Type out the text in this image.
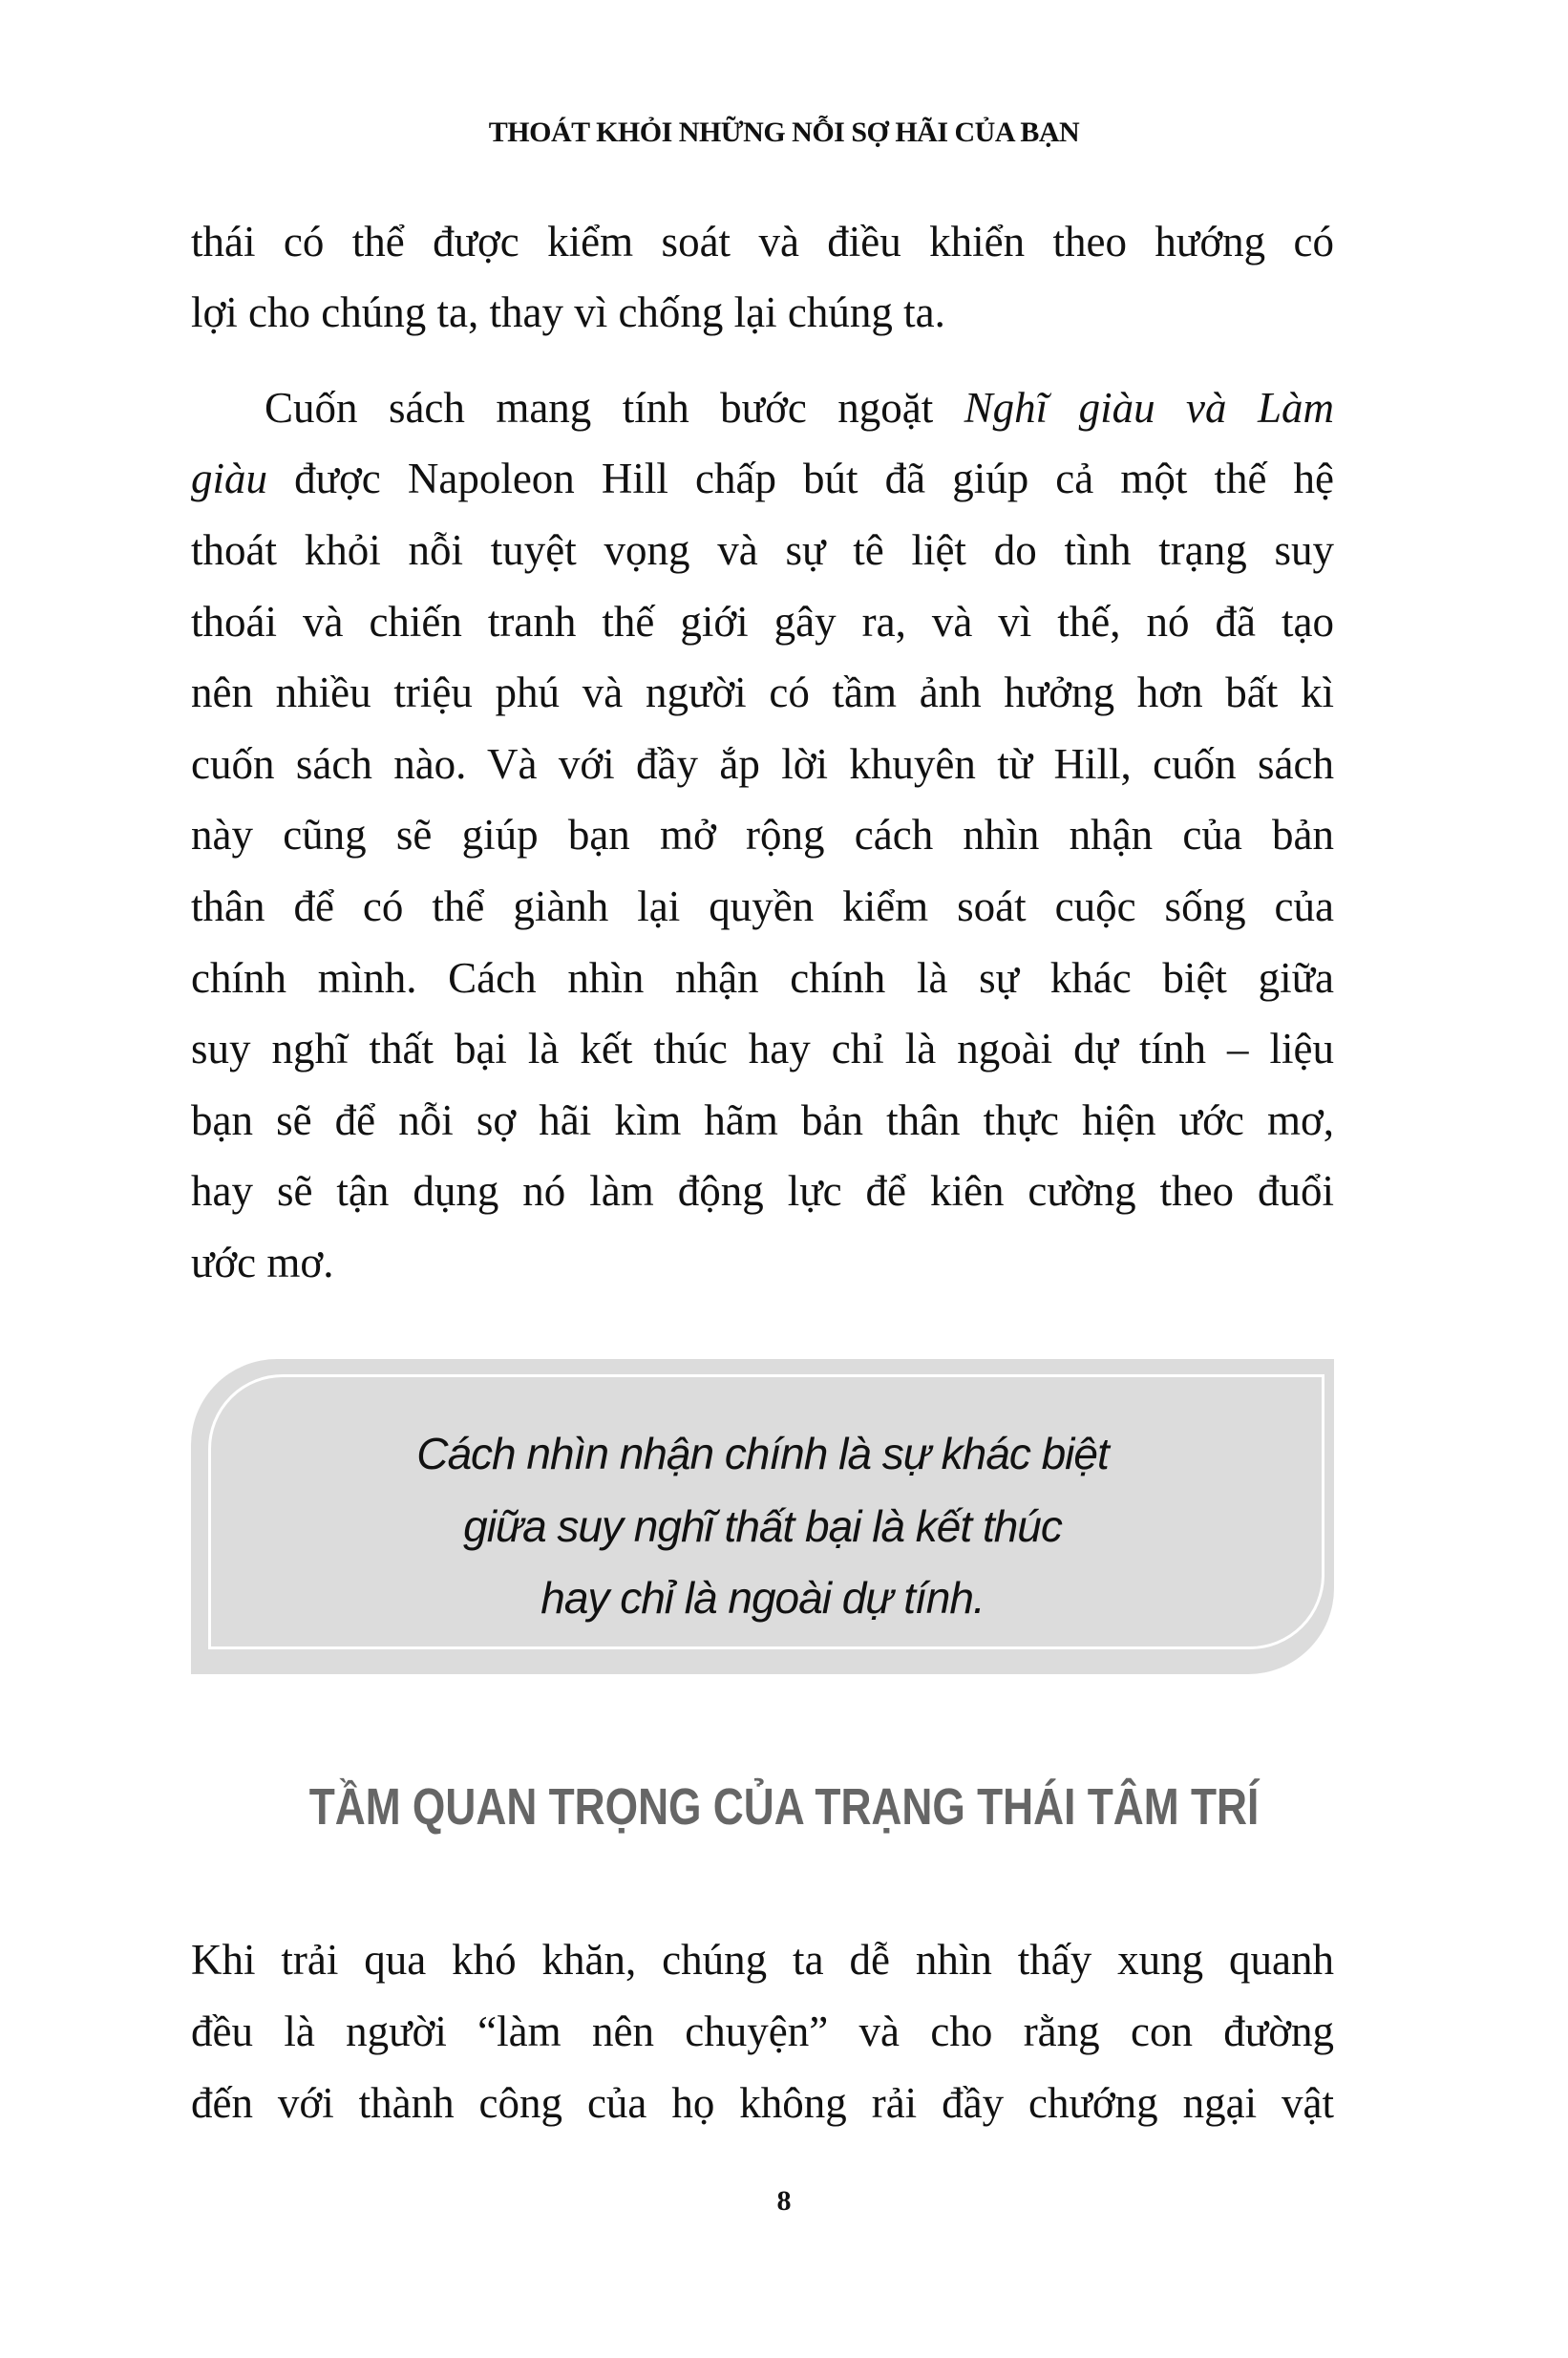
THOÁT KHỎI NHỮNG NỖI SỢ HÃI CỦA BẠN
thái có thể được kiểm soát và điều khiển theo hướng có
lợi cho chúng ta, thay vì chống lại chúng ta.
Cuốn sách mang tính bước ngoặt Nghĩ giàu và Làm
giàu được Napoleon Hill chấp bút đã giúp cả một thế hệ
thoát khỏi nỗi tuyệt vọng và sự tê liệt do tình trạng suy
thoái và chiến tranh thế giới gây ra, và vì thế, nó đã tạo
nên nhiều triệu phú và người có tầm ảnh hưởng hơn bất kì
cuốn sách nào. Và với đầy ắp lời khuyên từ Hill, cuốn sách
này cũng sẽ giúp bạn mở rộng cách nhìn nhận của bản
thân để có thể giành lại quyền kiểm soát cuộc sống của
chính mình. Cách nhìn nhận chính là sự khác biệt giữa
suy nghĩ thất bại là kết thúc hay chỉ là ngoài dự tính – liệu
bạn sẽ để nỗi sợ hãi kìm hãm bản thân thực hiện ước mơ,
hay sẽ tận dụng nó làm động lực để kiên cường theo đuổi
ước mơ.
Cách nhìn nhận chính là sự khác biệt
giữa suy nghĩ thất bại là kết thúc
hay chỉ là ngoài dự tính.
TẦM QUAN TRỌNG CỦA TRẠNG THÁI TÂM TRÍ
Khi trải qua khó khăn, chúng ta dễ nhìn thấy xung quanh
đều là người “làm nên chuyện” và cho rằng con đường
đến với thành công của họ không rải đầy chướng ngại vật
8
